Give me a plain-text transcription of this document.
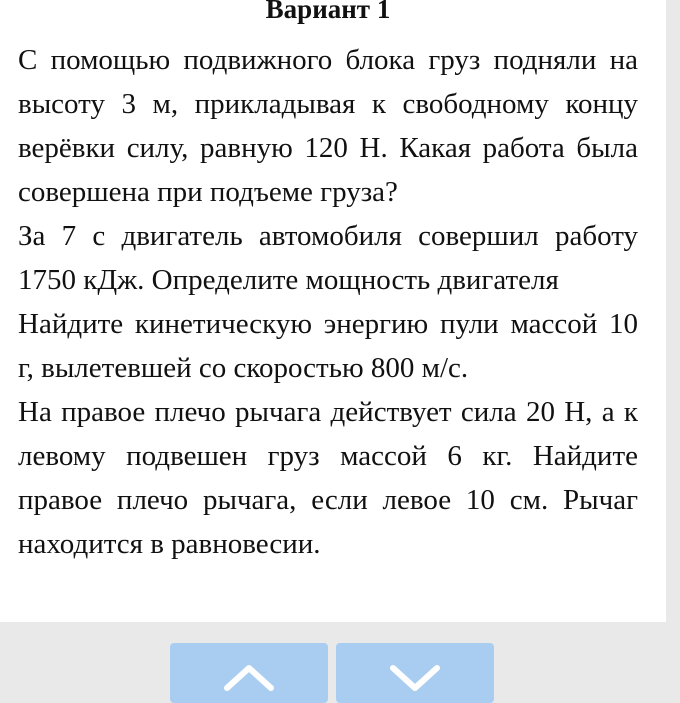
Вариант 1

С помощью подвижного блока груз подняли на высоту 3 м, прикладывая к свободному концу верёвки силу, равную 120 Н. Какая работа была совершена при подъеме груза?

За 7 с двигатель автомобиля совершил работу 1750 кДж. Определите мощность двигателя

Найдите кинетическую энергию пули массой 10 г, вылетевшей со скоростью 800 м/с.

На правое плечо рычага действует сила 20 Н, а к левому подвешен груз массой 6 кг. Найдите правое плечо рычага, если левое 10 см. Рычаг находится в равновесии.
